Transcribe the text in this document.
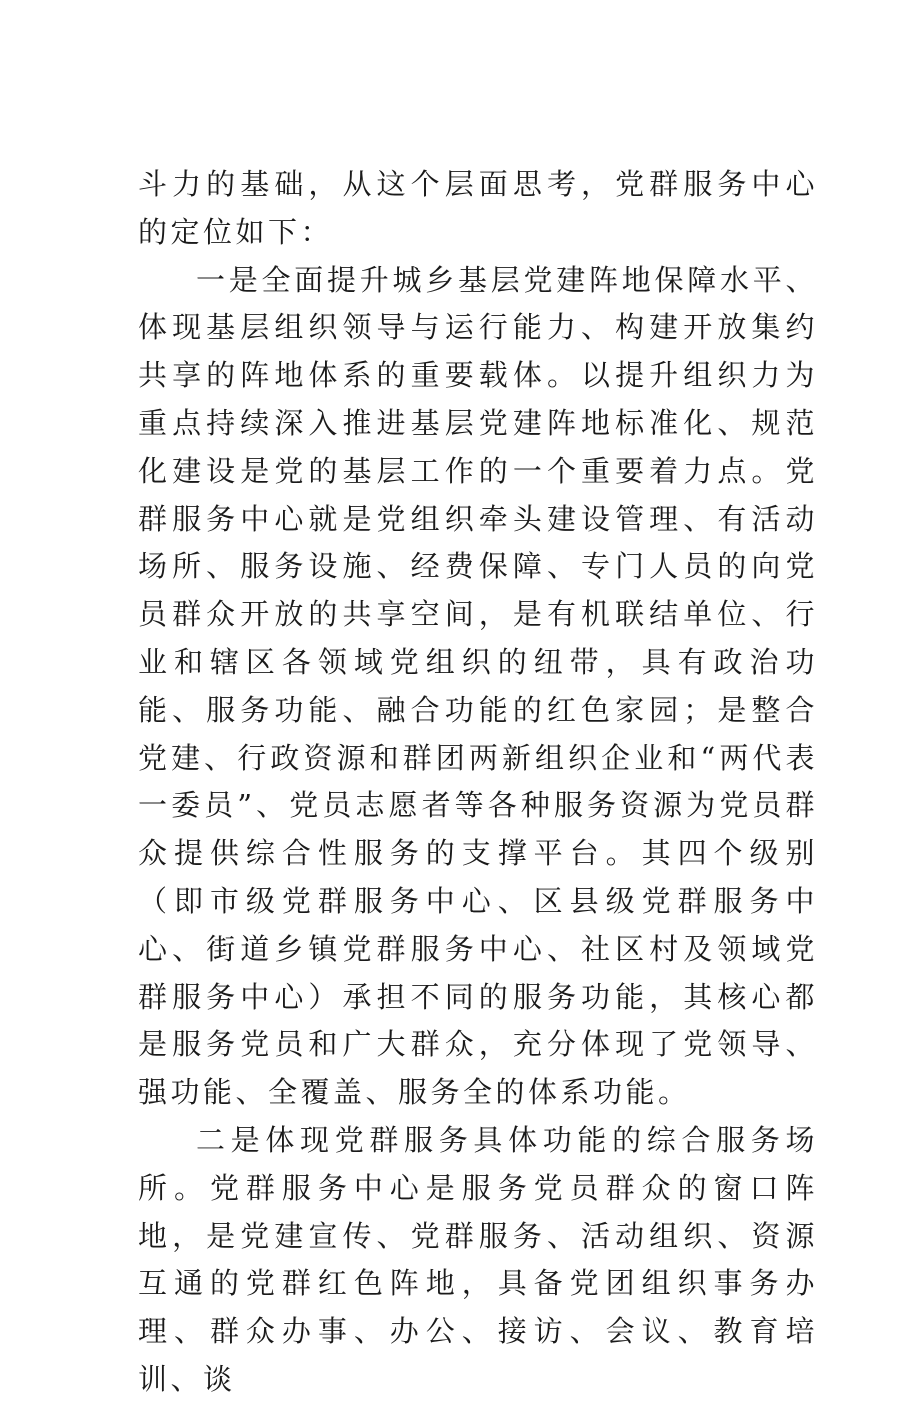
斗力的基础，从这个层面思考，党群服务中心的定位如下：

一是全面提升城乡基层党建阵地保障水平、体现基层组织领导与运行能力、构建开放集约共享的阵地体系的重要载体。以提升组织力为重点持续深入推进基层党建阵地标准化、规范化建设是党的基层工作的一个重要着力点。党群服务中心就是党组织牵头建设管理、有活动场所、服务设施、经费保障、专门人员的向党员群众开放的共享空间，是有机联结单位、行业和辖区各领域党组织的纽带，具有政治功能、服务功能、融合功能的红色家园；是整合党建、行政资源和群团两新组织企业和“两代表一委员”、党员志愿者等各种服务资源为党员群众提供综合性服务的支撑平台。其四个级别（即市级党群服务中心、区县级党群服务中心、街道乡镇党群服务中心、社区村及领域党群服务中心）承担不同的服务功能，其核心都是服务党员和广大群众，充分体现了党领导、强功能、全覆盖、服务全的体系功能。

二是体现党群服务具体功能的综合服务场所。党群服务中心是服务党员群众的窗口阵地，是党建宣传、党群服务、活动组织、资源互通的党群红色阵地，具备党团组织事务办理、群众办事、办公、接访、会议、教育培训、谈
